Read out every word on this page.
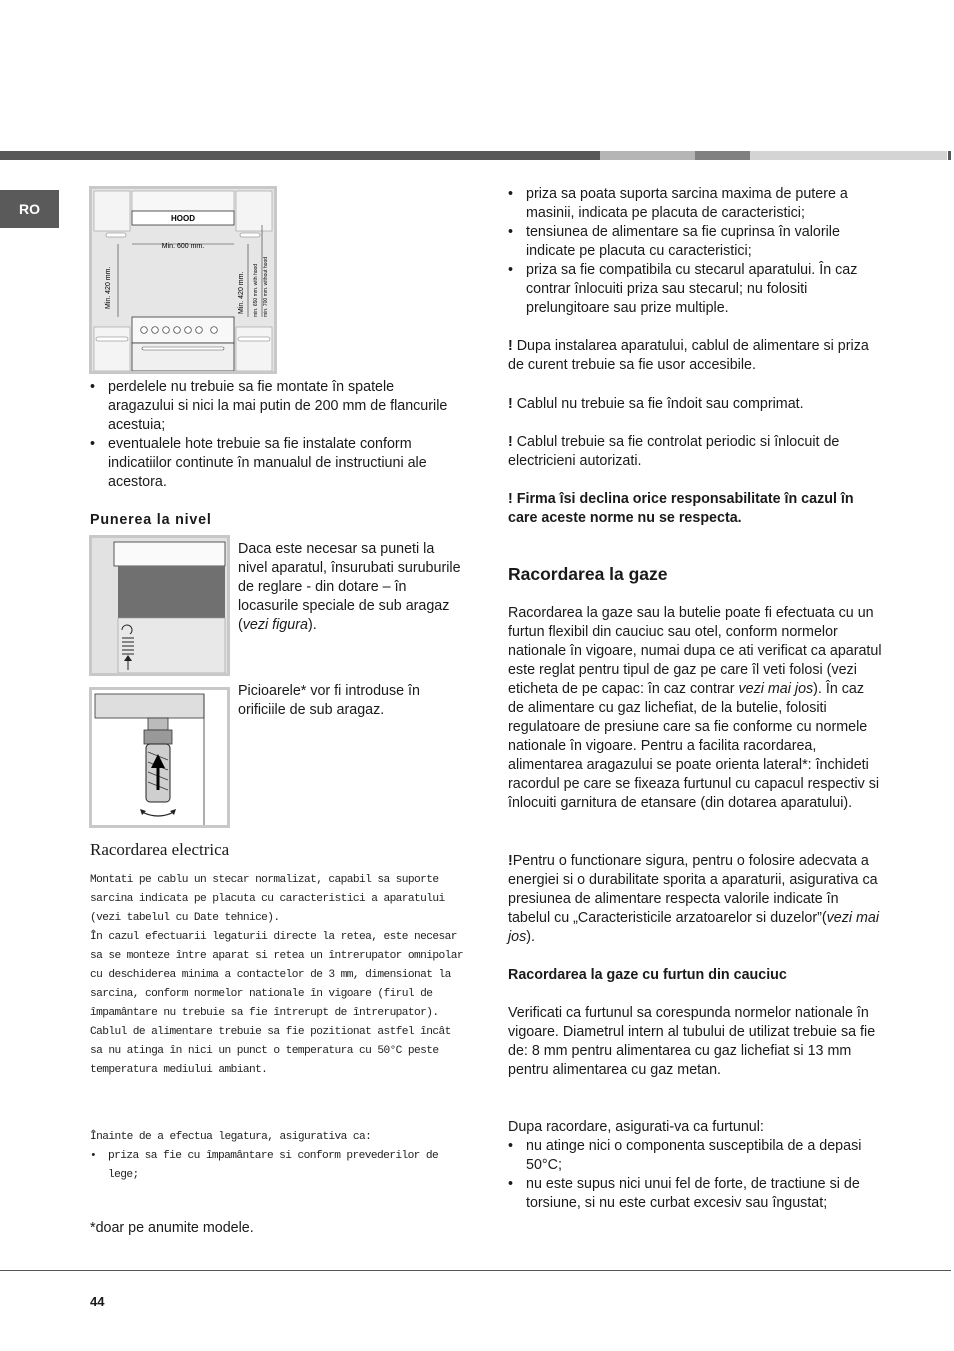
RO
HOOD
Min. 600 mm.
Min. 420 mm.	Min. 420 mm. min. 650 mm. with hood min. 700 mm. without hood
• perdelele nu trebuie sa fie montate în spatele aragazului si nici la mai putin de 200 mm de flancurile acestuia;
• eventualele hote trebuie sa fie instalate conform indicatiilor continute în manualul de instructiuni ale acestora.
Punerea la nivel
Daca este necesar sa puneti la nivel aparatul, însurubati suruburile de reglare - din dotare – în locasurile speciale de sub aragaz (vezi figura).
Picioarele* vor fi introduse în orificiile de sub aragaz.
Racordarea electrica
Montati pe cablu un stecar normalizat, capabil sa suporte sarcina indicata pe placuta cu caracteristici a aparatului (vezi tabelul cu Date tehnice).
În cazul efectuarii legaturii directe la retea, este necesar sa se monteze între aparat si retea un întrerupator omnipolar cu deschiderea minima a contactelor de 3 mm, dimensionat la sarcina, conform normelor nationale în vigoare (firul de împamântare nu trebuie sa fie întrerupt de întrerupator). Cablul de alimentare trebuie sa fie pozitionat astfel încât sa nu atinga în nici un punct o temperatura cu 50°C peste temperatura mediului ambiant.
Înainte de a efectua legatura, asigurativa ca:
• priza sa fie cu împamântare si conform prevederilor de lege;
*doar pe anumite modele.
• priza sa poata suporta sarcina maxima de putere a masinii, indicata pe placuta de caracteristici;
• tensiunea de alimentare sa fie cuprinsa în valorile indicate pe placuta cu caracteristici;
• priza sa fie compatibila cu stecarul aparatului. În caz contrar înlocuiti priza sau stecarul; nu folositi prelungitoare sau prize multiple.
! Dupa instalarea aparatului, cablul de alimentare si priza de curent trebuie sa fie usor accesibile.
! Cablul nu trebuie sa fie îndoit sau comprimat.
! Cablul trebuie sa fie controlat periodic si înlocuit de electricieni autorizati.
! Firma îsi declina orice responsabilitate în cazul în care aceste norme nu se respecta.
Racordarea la gaze
Racordarea la gaze sau la butelie poate fi efectuata cu un furtun flexibil din cauciuc sau otel, conform normelor nationale în vigoare, numai dupa ce ati verificat ca aparatul este reglat pentru tipul de gaz pe care îl veti folosi (vezi eticheta de pe capac: în caz contrar vezi mai jos). În caz de alimentare cu gaz lichefiat, de la butelie, folositi regulatoare de presiune care sa fie conforme cu normele nationale în vigoare. Pentru a facilita racordarea, alimentarea aragazului se poate orienta lateral*: închideti racordul pe care se fixeaza furtunul cu capacul respectiv si înlocuiti garnitura de etansare (din dotarea aparatului).
!Pentru o functionare sigura, pentru o folosire adecvata a energiei si o durabilitate sporita a aparaturii, asigurativa ca presiunea de alimentare respecta valorile indicate în tabelul cu „Caracteristicile arzatoarelor si duzelor”(vezi mai jos).
Racordarea la gaze cu furtun din cauciuc
Verificati ca furtunul sa corespunda normelor nationale în vigoare. Diametrul intern al tubului de utilizat trebuie sa fie de: 8 mm pentru alimentarea cu gaz lichefiat si 13 mm pentru alimentarea cu gaz metan.
Dupa racordare, asigurati-va ca furtunul:
• nu atinge nici o componenta susceptibila de a depasi 50°C;
• nu este supus nici unui fel de forte, de tractiune si de torsiune, si nu este curbat excesiv sau îngustat;
44
